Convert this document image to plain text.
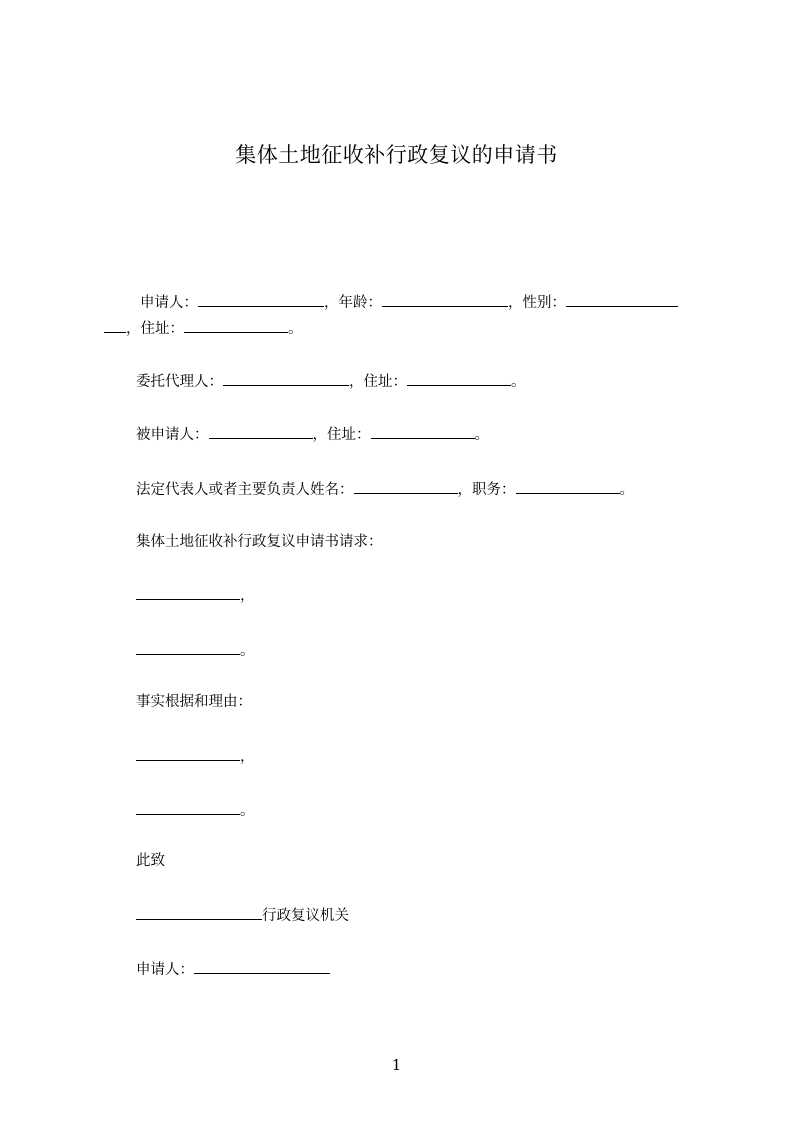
集体土地征收补行政复议的申请书

申请人：	，年龄：	，性别：

，住址：	。

委托代理人：	，住址：	。

被申请人：	，住址：	。

法定代表人或者主要负责人姓名：	，职务：	。

集体土地征收补行政复议申请书请求：

，

。

事实根据和理由：

，

。

此致

行政复议机关

申请人：

1
